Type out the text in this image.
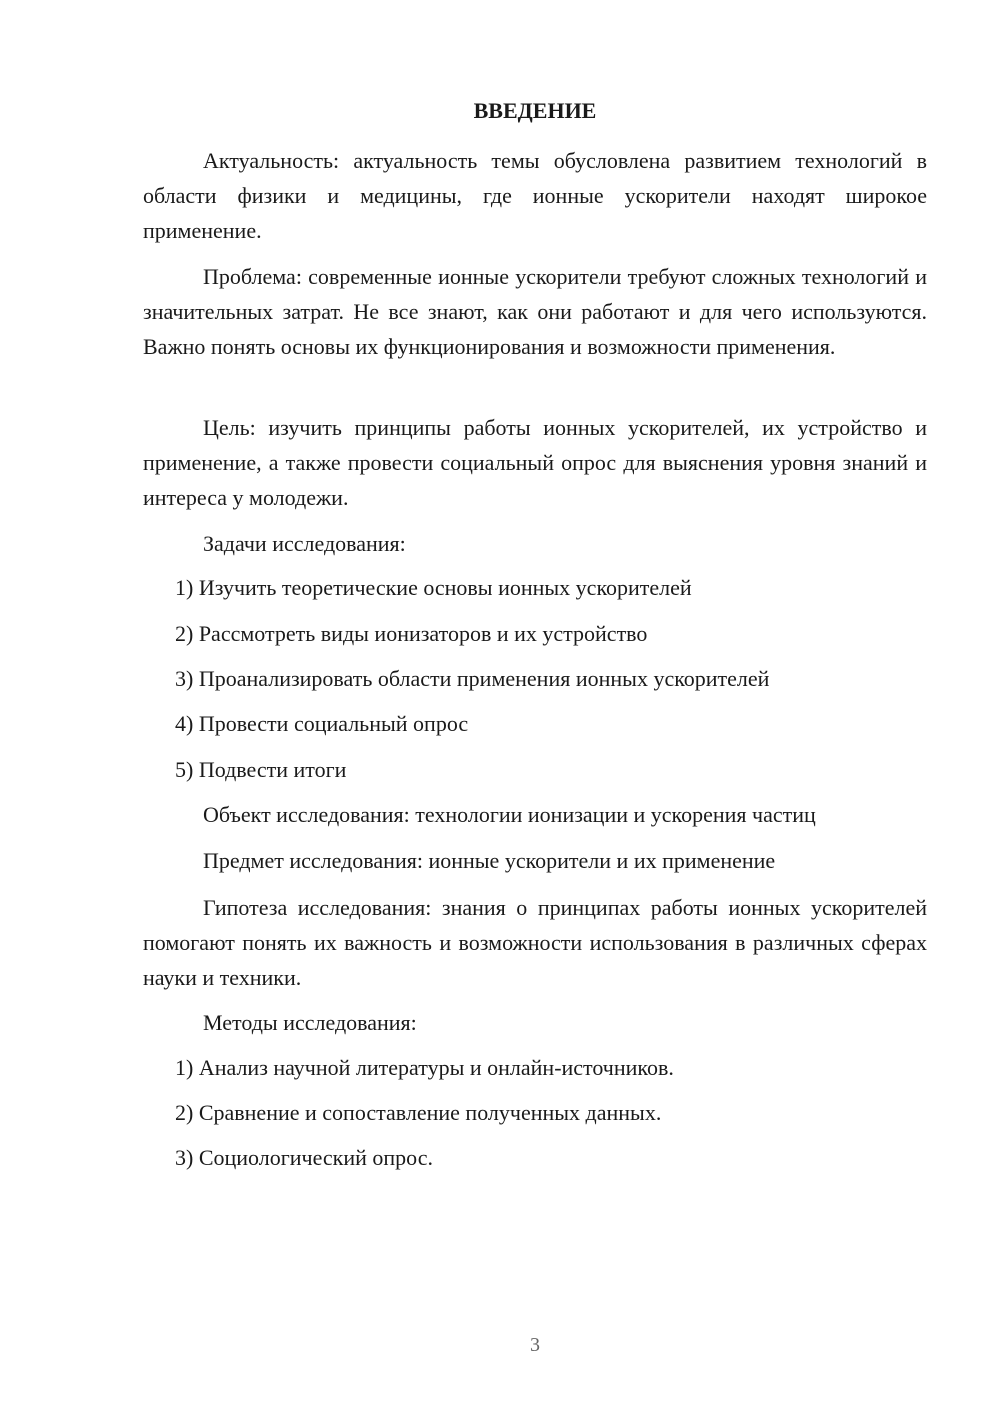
ВВЕДЕНИЕ

Актуальность: актуальность темы обусловлена развитием технологий в области физики и медицины, где ионные ускорители находят широкое применение.

Проблема: современные ионные ускорители требуют сложных технологий и значительных затрат. Не все знают, как они работают и для чего используются. Важно понять основы их функционирования и возможности применения.

Цель: изучить принципы работы ионных ускорителей, их устройство и применение, а также провести социальный опрос для выяснения уровня знаний и интереса у молодежи.

Задачи исследования:

1) Изучить теоретические основы ионных ускорителей

2) Рассмотреть виды ионизаторов и их устройство

3) Проанализировать области применения ионных ускорителей

4) Провести социальный опрос

5) Подвести итоги

Объект исследования: технологии ионизации и ускорения частиц

Предмет исследования: ионные ускорители и их применение

Гипотеза исследования: знания о принципах работы ионных ускорителей помогают понять их важность и возможности использования в различных сферах науки и техники.

Методы исследования:

1) Анализ научной литературы и онлайн-источников.

2) Сравнение и сопоставление полученных данных.

3) Социологический опрос.

3
